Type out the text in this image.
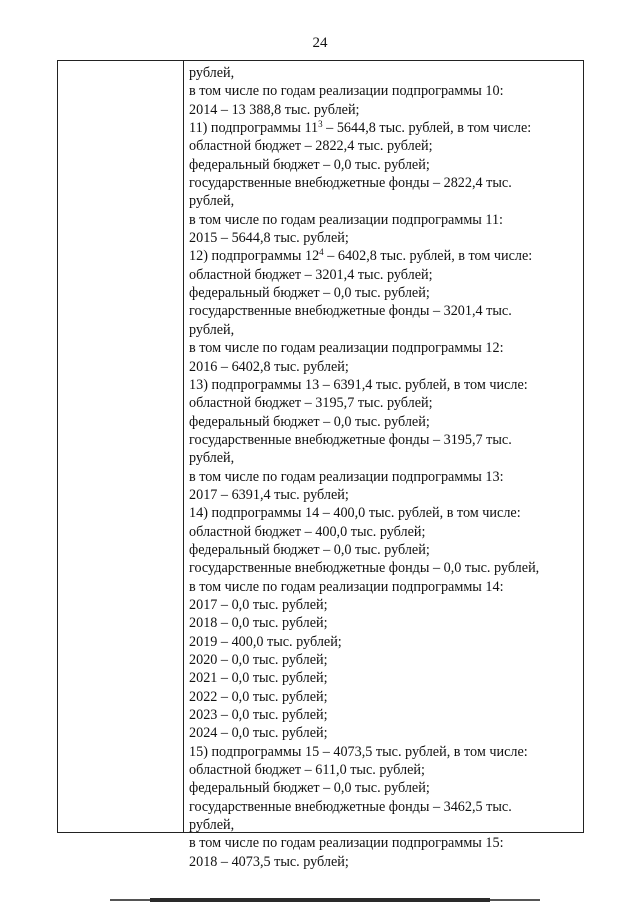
24
рублей,
в том числе по годам реализации подпрограммы 10:
2014 – 13 388,8 тыс. рублей;
11) подпрограммы $11^3 - 5644,8$ тыс. рублей, в том числе:
областной бюджет – 2822,4 тыс. рублей;
федеральный бюджет – 0,0 тыс. рублей;
государственные внебюджетные фонды – 2822,4 тыс.
рублей,
в том числе по годам реализации подпрограммы 11:
2015 – 5644,8 тыс. рублей;
12) подпрограммы $12^4 - 6402,8$ тыс. рублей, в том числе:
областной бюджет – 3201,4 тыс. рублей;
федеральный бюджет – 0,0 тыс. рублей;
государственные внебюджетные фонды – 3201,4 тыс.
рублей,
в том числе по годам реализации подпрограммы 12:
2016 – 6402,8 тыс. рублей;
13) подпрограммы 13 – 6391,4 тыс. рублей, в том числе:
областной бюджет – 3195,7 тыс. рублей;
федеральный бюджет – 0,0 тыс. рублей;
государственные внебюджетные фонды – 3195,7 тыс.
рублей,
в том числе по годам реализации подпрограммы 13:
2017 – 6391,4 тыс. рублей;
14) подпрограммы 14 – 400,0 тыс. рублей, в том числе:
областной бюджет – 400,0 тыс. рублей;
федеральный бюджет – 0,0 тыс. рублей;
государственные внебюджетные фонды – 0,0 тыс. рублей,
в том числе по годам реализации подпрограммы 14:
2017 – 0,0 тыс. рублей;
2018 – 0,0 тыс. рублей;
2019 – 400,0 тыс. рублей;
2020 – 0,0 тыс. рублей;
2021 – 0,0 тыс. рублей;
2022 – 0,0 тыс. рублей;
2023 – 0,0 тыс. рублей;
2024 – 0,0 тыс. рублей;
15) подпрограммы 15 – 4073,5 тыс. рублей, в том числе:
областной бюджет – 611,0 тыс. рублей;
федеральный бюджет – 0,0 тыс. рублей;
государственные внебюджетные фонды – 3462,5 тыс.
рублей,
в том числе по годам реализации подпрограммы 15:
2018 – 4073,5 тыс. рублей;
